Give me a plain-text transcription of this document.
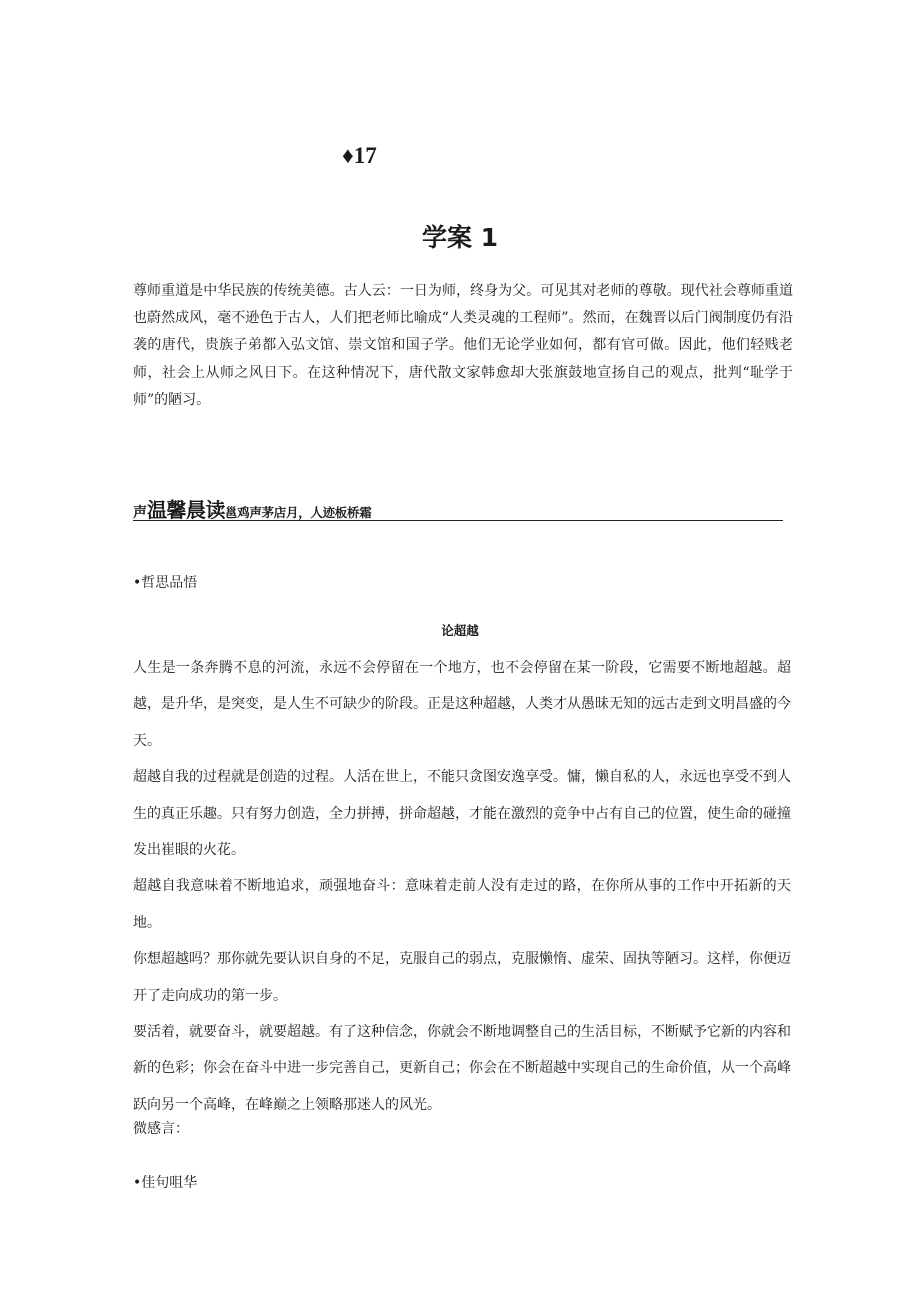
♦17
学案 1

尊师重道是中华民族的传统美德。古人云：一日为师，终身为父。可见其对老师的尊敬。现代社会尊师重道也蔚然成风，毫不逊色于古人，人们把老师比喻成“人类灵魂的工程师”。然而，在魏晋以后门阀制度仍有沿袭的唐代，贵族子弟都入弘文馆、崇文馆和国子学。他们无论学业如何，都有官可做。因此，他们轻贱老师，社会上从师之风日下。在这种情况下，唐代散文家韩愈却大张旗鼓地宣扬自己的观点，批判“耻学于师”的陋习。

声温馨晨读邕鸡声茅店月，人迹板桥霜
•哲思品悟
论超越

人生是一条奔腾不息的河流，永远不会停留在一个地方，也不会停留在某一阶段，它需要不断地超越。超越，是升华，是突变，是人生不可缺少的阶段。正是这种超越，人类才从愚昧无知的远古走到文明昌盛的今天。

超越自我的过程就是创造的过程。人活在世上，不能只贪图安逸享受。慵，懒自私的人，永远也享受不到人生的真正乐趣。只有努力创造，全力拼搏，拼命超越，才能在激烈的竞争中占有自己的位置，使生命的碰撞发出崔眼的火花。

超越自我意味着不断地追求，顽强地奋斗：意味着走前人没有走过的路，在你所从事的工作中开拓新的天地。

你想超越吗？那你就先要认识自身的不足，克服自己的弱点，克服懒惰、虚荣、固执等陋习。这样，你便迈开了走向成功的第一步。

要活着，就要奋斗，就要超越。有了这种信念，你就会不断地调整自己的生活目标，不断赋予它新的内容和新的色彩；你会在奋斗中进一步完善自己，更新自己；你会在不断超越中实现自己的生命价值，从一个高峰跃向另一个高峰，在峰巅之上领略那迷人的风光。

微感言：
•佳句咀华
